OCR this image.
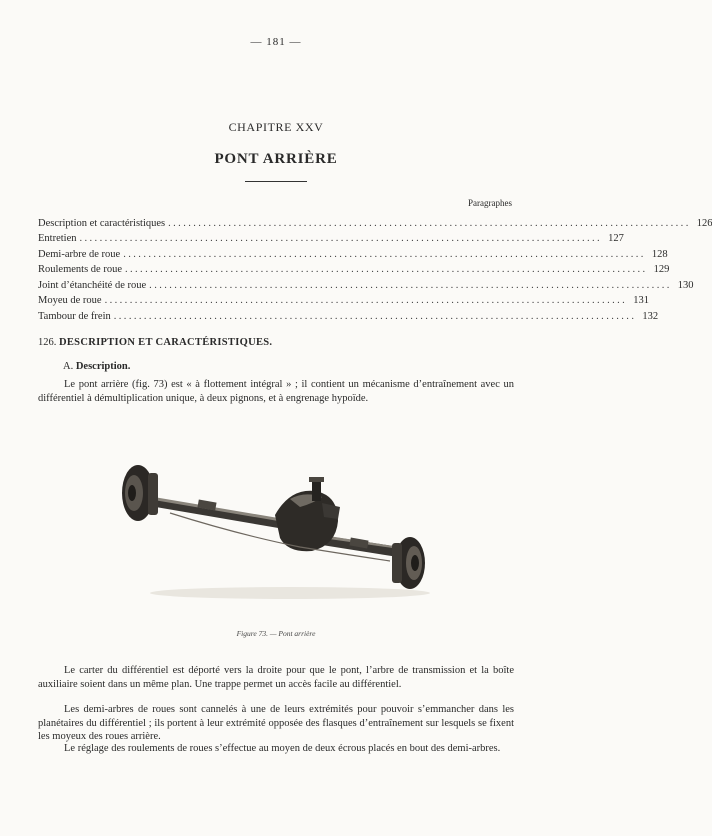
— 181 —
CHAPITRE XXV
PONT ARRIÈRE
Paragraphes
Description et caractéristiques ........................................................................................................ 126
Entretien ........................................................................................................ 127
Demi-arbre de roue ........................................................................................................ 128
Roulements de roue ........................................................................................................ 129
Joint d’étanchéité de roue ........................................................................................................ 130
Moyeu de roue ........................................................................................................ 131
Tambour de frein ........................................................................................................ 132
126. DESCRIPTION ET CARACTÉRISTIQUES.
A. Description.
Le pont arrière (fig. 73) est « à flottement intégral » ; il contient un mécanisme d’entraînement avec un différentiel à démultiplication unique, à deux pignons, et à engrenage hypoïde.
Figure 73. — Pont arrière
Le carter du différentiel est déporté vers la droite pour que le pont, l’arbre de transmission et la boîte auxiliaire soient dans un même plan. Une trappe permet un accès facile au différentiel.
Les demi-arbres de roues sont cannelés à une de leurs extrémités pour pouvoir s’emmancher dans les planétaires du différentiel ; ils portent à leur extrémité opposée des flasques d’entraînement sur lesquels se fixent les moyeux des roues arrière.
Le réglage des roulements de roues s’effectue au moyen de deux écrous placés en bout des demi-arbres.
